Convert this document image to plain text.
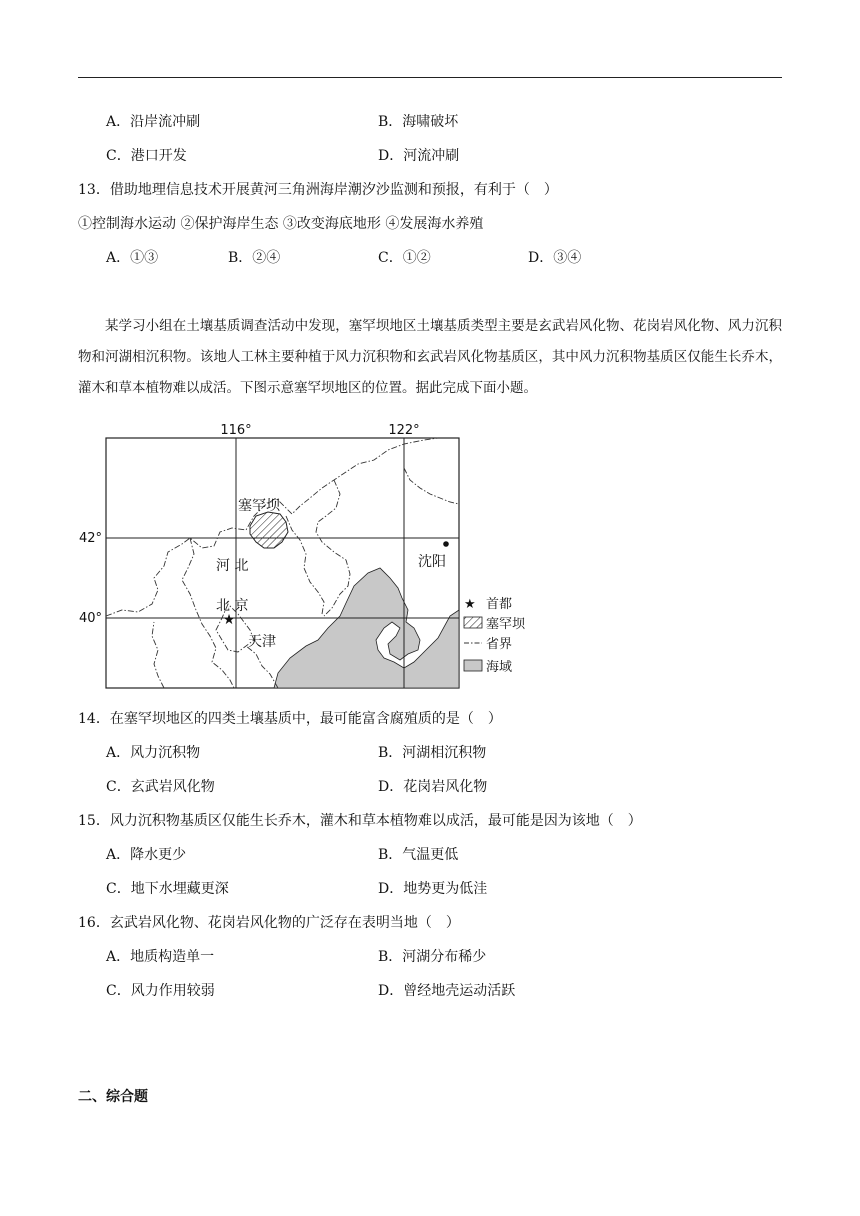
A．沿岸流冲刷	B．海啸破坏
C．港口开发	D．河流冲刷
13．借助地理信息技术开展黄河三角洲海岸潮汐沙监测和预报，有利于（　）
①控制海水运动 ②保护海岸生态 ③改变海底地形 ④发展海水养殖
A．①③	B．②④	C．①②	D．③④
某学习小组在土壤基质调查活动中发现，塞罕坝地区土壤基质类型主要是玄武岩风化物、花岗岩风化物、风力沉积物和河湖相沉积物。该地人工林主要种植于风力沉积物和玄武岩风化物基质区，其中风力沉积物基质区仅能生长乔木，灌木和草本植物难以成活。下图示意塞罕坝地区的位置。据此完成下面小题。
★
116°	122°
42°
40°
塞罕坝
河 北
北 京
天津
沈阳
★ 首都
塞罕坝
省界
海域
14．在塞罕坝地区的四类土壤基质中，最可能富含腐殖质的是（　）
A．风力沉积物	B．河湖相沉积物
C．玄武岩风化物	D．花岗岩风化物
15．风力沉积物基质区仅能生长乔木，灌木和草本植物难以成活，最可能是因为该地（　）
A．降水更少	B．气温更低
C．地下水埋藏更深	D．地势更为低洼
16．玄武岩风化物、花岗岩风化物的广泛存在表明当地（　）
A．地质构造单一	B．河湖分布稀少
C．风力作用较弱	D．曾经地壳运动活跃
二、综合题
